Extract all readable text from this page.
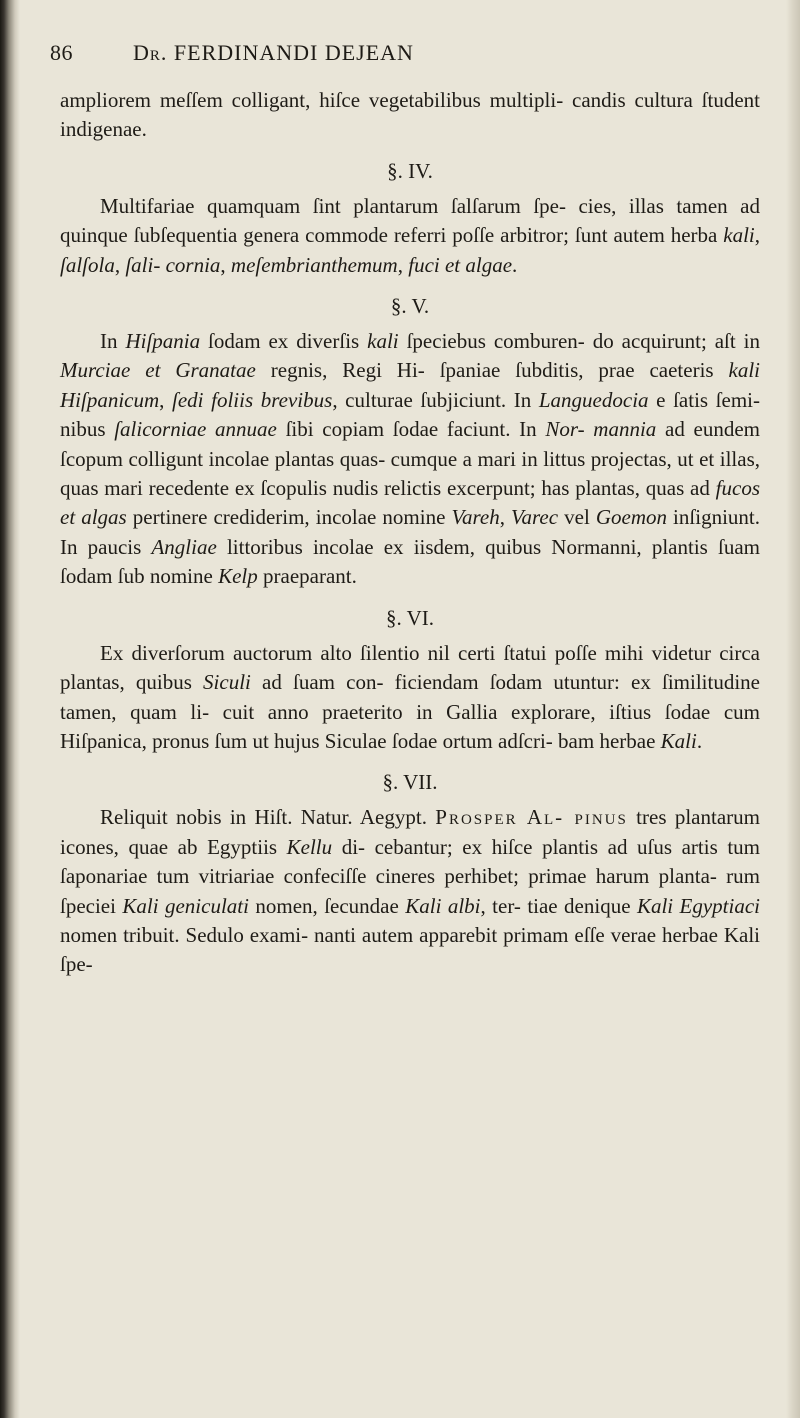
86	Dr. FERDINANDI DEJEAN

ampliorem meſſem colligant, hiſce vegetabilibus multipli- candis cultura ſtudent indigenae.

§. IV.

Multifariae quamquam ſint plantarum ſalſarum ſpe- cies, illas tamen ad quinque ſubſequentia genera commode referri poſſe arbitror; ſunt autem herba kali, ſalſola, ſali- cornia, meſembrianthemum, fuci et algae.

§. V.

In Hiſpania ſodam ex diverſis kali ſpeciebus comburen- do acquirunt; aſt in Murciae et Granatae regnis, Regi Hi- ſpaniae ſubditis, prae caeteris kali Hiſpanicum, ſedi foliis brevibus, culturae ſubjiciunt. In Languedocia e ſatis ſemi- nibus ſalicorniae annuae ſibi copiam ſodae faciunt. In Nor- mannia ad eundem ſcopum colligunt incolae plantas quas- cumque a mari in littus projectas, ut et illas, quas mari recedente ex ſcopulis nudis relictis excerpunt; has plantas, quas ad fucos et algas pertinere crediderim, incolae nomine Vareh, Varec vel Goemon inſigniunt. In paucis Angliae littoribus incolae ex iisdem, quibus Normanni, plantis ſuam ſodam ſub nomine Kelp praeparant.

§. VI.

Ex diverſorum auctorum alto ſilentio nil certi ſtatui poſſe mihi videtur circa plantas, quibus Siculi ad ſuam con- ficiendam ſodam utuntur: ex ſimilitudine tamen, quam li- cuit anno praeterito in Gallia explorare, iſtius ſodae cum Hiſpanica, pronus ſum ut hujus Siculae ſodae ortum adſcri- bam herbae Kali.

§. VII.

Reliquit nobis in Hiſt. Natur. Aegypt. Prosper Al- pinus tres plantarum icones, quae ab Egyptiis Kellu di- cebantur; ex hiſce plantis ad uſus artis tum ſaponariae tum vitriariae confeciſſe cineres perhibet; primae harum planta- rum ſpeciei Kali geniculati nomen, ſecundae Kali albi, ter- tiae denique Kali Egyptiaci nomen tribuit. Sedulo exami- nanti autem apparebit primam eſſe verae herbae Kali ſpe-
